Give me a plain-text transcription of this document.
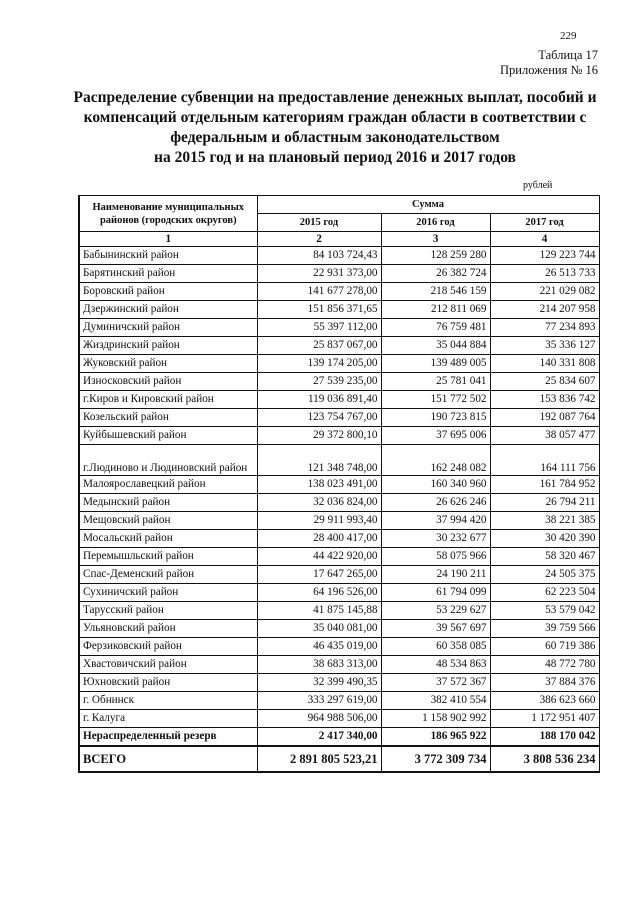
229
Таблица 17
Приложения № 16
Распределение субвенции на предоставление денежных выплат, пособий и
компенсаций отдельным категориям граждан области в соответствии с
федеральным и областным законодательством
на 2015 год и на плановый период 2016 и 2017 годов
рублей
Наименование муниципальных районов (городских округов)	Сумма		
	2015 год	2016 год	2017 год
1	2	3	4
Бабынинский район	84 103 724,43	128 259 280	129 223 744
Барятинский район	22 931 373,00	26 382 724	26 513 733
Боровский район	141 677 278,00	218 546 159	221 029 082
Дзержинский район	151 856 371,65	212 811 069	214 207 958
Думиничский район	55 397 112,00	76 759 481	77 234 893
Жиздринский район	25 837 067,00	35 044 884	35 336 127
Жуковский район	139 174 205,00	139 489 005	140 331 808
Износковский район	27 539 235,00	25 781 041	25 834 607
г.Киров и Кировский район	119 036 891,40	151 772 502	153 836 742
Козельский район	123 754 767,00	190 723 815	192 087 764
Куйбышевский район	29 372 800,10	37 695 006	38 057 477
г.Людиново и Людиновский район	121 348 748,00	162 248 082	164 111 756
Малоярославецкий район	138 023 491,00	160 340 960	161 784 952
Медынский район	32 036 824,00	26 626 246	26 794 211
Мещовский район	29 911 993,40	37 994 420	38 221 385
Мосальский район	28 400 417,00	30 232 677	30 420 390
Перемышльский район	44 422 920,00	58 075 966	58 320 467
Спас-Деменский район	17 647 265,00	24 190 211	24 505 375
Сухиничский район	64 196 526,00	61 794 099	62 223 504
Тарусский район	41 875 145,88	53 229 627	53 579 042
Ульяновский район	35 040 081,00	39 567 697	39 759 566
Ферзиковский район	46 435 019,00	60 358 085	60 719 386
Хвастовичский район	38 683 313,00	48 534 863	48 772 780
Юхновский район	32 399 490,35	37 572 367	37 884 376
г. Обнинск	333 297 619,00	382 410 554	386 623 660
г. Калуга	964 988 506,00	1 158 902 992	1 172 951 407
Нераспределенный резерв	2 417 340,00	186 965 922	188 170 042
ВСЕГО	2 891 805 523,21	3 772 309 734	3 808 536 234
